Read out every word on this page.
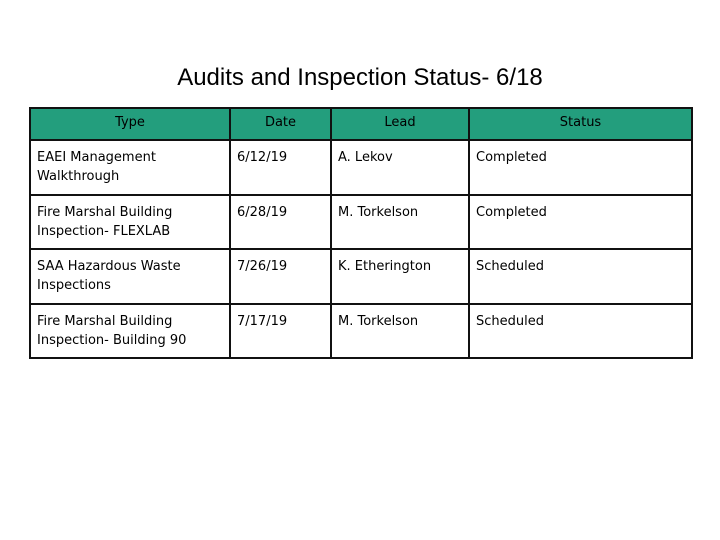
Audits and Inspection Status- 6/18
Type	Date	Lead	Status
EAEI Management Walkthrough	6/12/19	A. Lekov	Completed
Fire Marshal Building Inspection- FLEXLAB	6/28/19	M. Torkelson	Completed
SAA Hazardous Waste Inspections	7/26/19	K. Etherington	Scheduled
Fire Marshal Building Inspection- Building 90	7/17/19	M. Torkelson	Scheduled
